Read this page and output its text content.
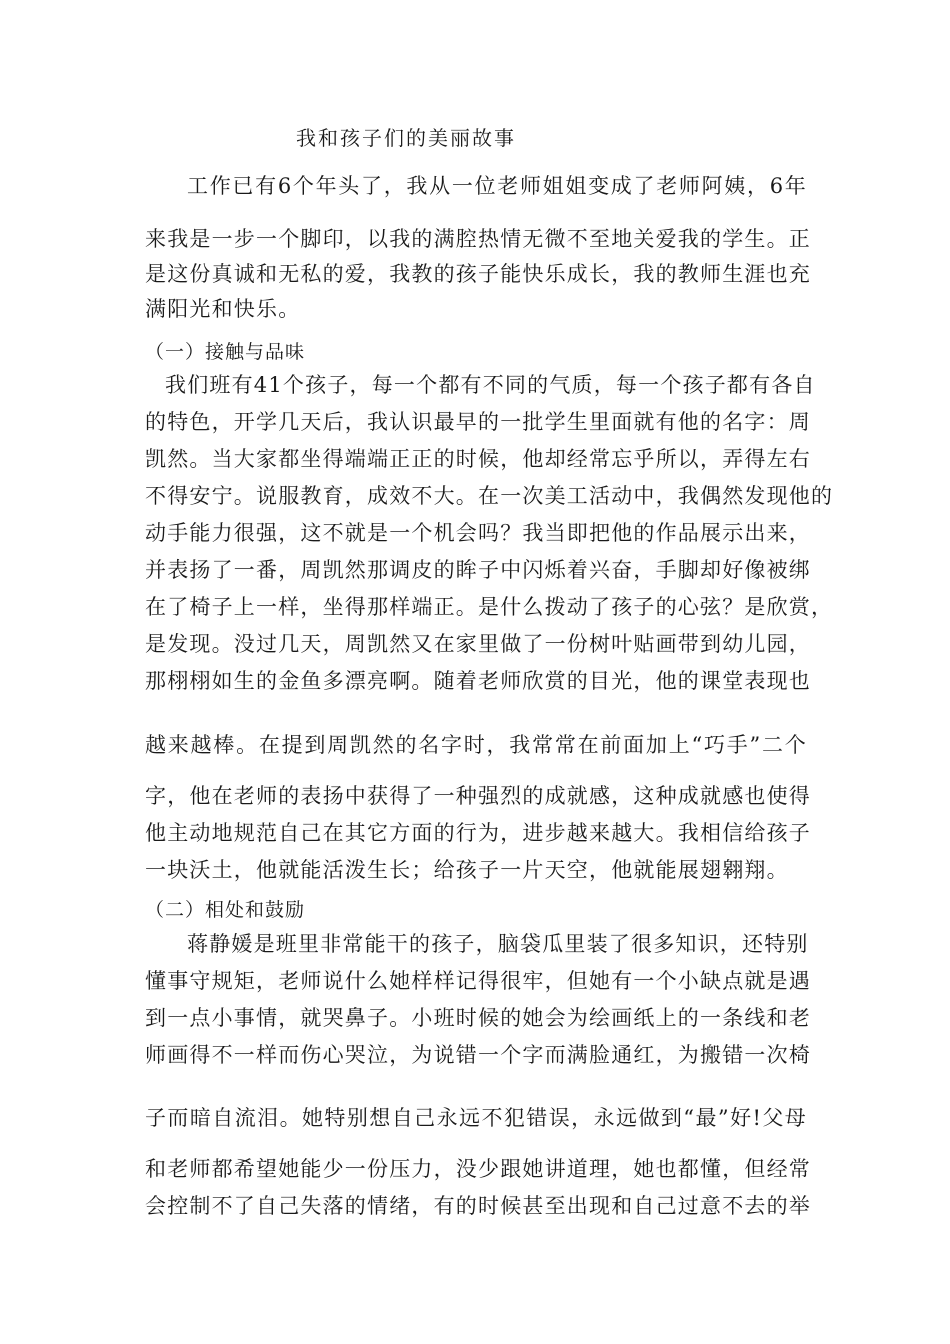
我和孩子们的美丽故事
工作已有6个年头了，我从一位老师姐姐变成了老师阿姨，6年
来我是一步一个脚印，以我的满腔热情无微不至地关爱我的学生。正
是这份真诚和无私的爱，我教的孩子能快乐成长，我的教师生涯也充
满阳光和快乐。
（一）接触与品味
我们班有41个孩子，每一个都有不同的气质，每一个孩子都有各自
的特色，开学几天后，我认识最早的一批学生里面就有他的名字：周
凯然。当大家都坐得端端正正的时候，他却经常忘乎所以，弄得左右
不得安宁。说服教育，成效不大。在一次美工活动中，我偶然发现他的
动手能力很强，这不就是一个机会吗？我当即把他的作品展示出来，
并表扬了一番，周凯然那调皮的眸子中闪烁着兴奋，手脚却好像被绑
在了椅子上一样，坐得那样端正。是什么拨动了孩子的心弦？是欣赏，
是发现。没过几天，周凯然又在家里做了一份树叶贴画带到幼儿园，
那栩栩如生的金鱼多漂亮啊。随着老师欣赏的目光，他的课堂表现也
越来越棒。在提到周凯然的名字时，我常常在前面加上“巧手”二个
字，他在老师的表扬中获得了一种强烈的成就感，这种成就感也使得
他主动地规范自己在其它方面的行为，进步越来越大。我相信给孩子
一块沃土，他就能活泼生长；给孩子一片天空，他就能展翅翱翔。
（二）相处和鼓励
蒋静媛是班里非常能干的孩子，脑袋瓜里装了很多知识，还特别
懂事守规矩，老师说什么她样样记得很牢，但她有一个小缺点就是遇
到一点小事情，就哭鼻子。小班时候的她会为绘画纸上的一条线和老
师画得不一样而伤心哭泣，为说错一个字而满脸通红，为搬错一次椅
子而暗自流泪。她特别想自己永远不犯错误，永远做到“最”好!父母
和老师都希望她能少一份压力，没少跟她讲道理，她也都懂，但经常
会控制不了自己失落的情绪，有的时候甚至出现和自己过意不去的举
